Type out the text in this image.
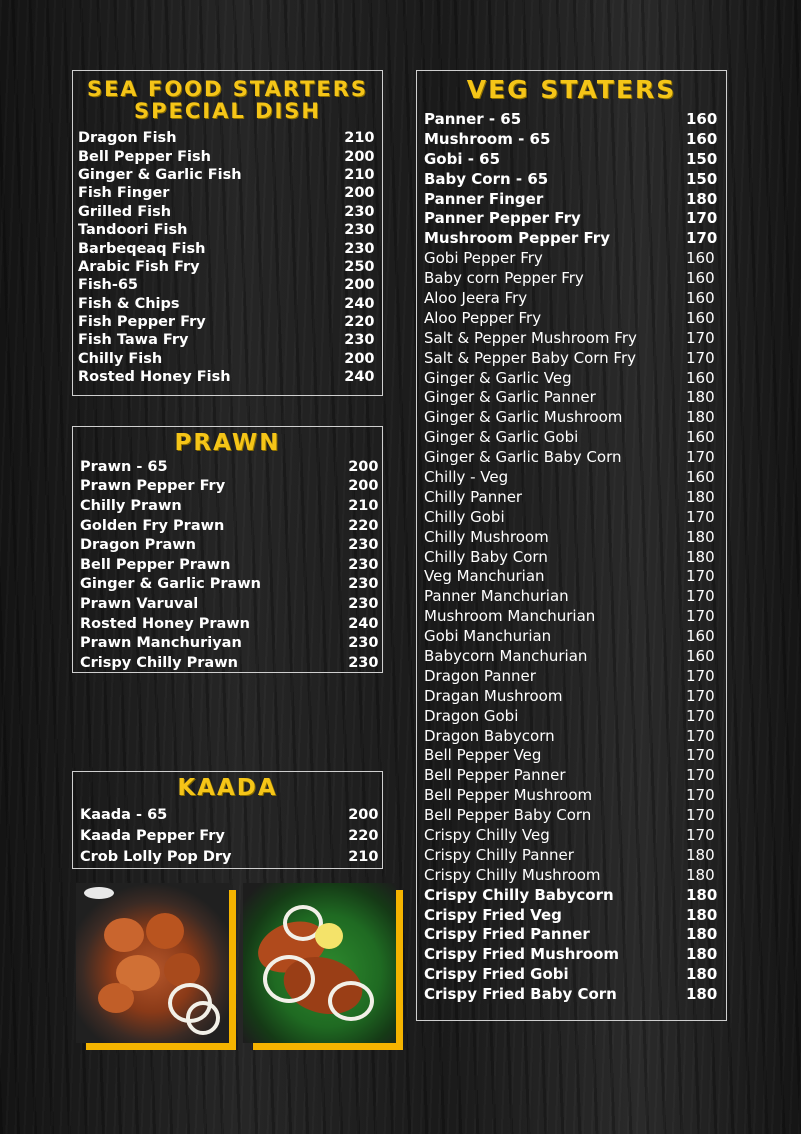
SEA FOOD STARTERS
SPECIAL DISH
Dragon Fish	210
Bell Pepper Fish	200
Ginger & Garlic Fish	210
Fish Finger	200
Grilled Fish	230
Tandoori Fish	230
Barbeqeaq Fish	230
Arabic Fish Fry	250
Fish-65	200
Fish & Chips	240
Fish Pepper Fry	220
Fish Tawa Fry	230
Chilly Fish	200
Rosted Honey Fish	240
PRAWN
Prawn - 65	200
Prawn Pepper Fry	200
Chilly Prawn	210
Golden Fry Prawn	220
Dragon Prawn	230
Bell Pepper Prawn	230
Ginger & Garlic Prawn	230
Prawn Varuval	230
Rosted Honey Prawn	240
Prawn Manchuriyan	230
Crispy Chilly Prawn	230
KAADA
Kaada - 65	200
Kaada Pepper Fry	220
Crob Lolly Pop Dry	210
VEG STATERS
Panner - 65	160
Mushroom - 65	160
Gobi - 65	150
Baby Corn - 65	150
Panner Finger	180
Panner Pepper Fry	170
Mushroom Pepper Fry	170
Gobi Pepper Fry	160
Baby corn Pepper Fry	160
Aloo Jeera Fry	160
Aloo Pepper Fry	160
Salt & Pepper Mushroom Fry	170
Salt & Pepper Baby Corn Fry	170
Ginger & Garlic Veg	160
Ginger & Garlic Panner	180
Ginger & Garlic Mushroom	180
Ginger & Garlic Gobi	160
Ginger & Garlic Baby Corn	170
Chilly - Veg	160
Chilly Panner	180
Chilly Gobi	170
Chilly Mushroom	180
Chilly Baby Corn	180
Veg Manchurian	170
Panner Manchurian	170
Mushroom Manchurian	170
Gobi Manchurian	160
Babycorn Manchurian	160
Dragon Panner	170
Dragan Mushroom	170
Dragon Gobi	170
Dragon Babycorn	170
Bell Pepper Veg	170
Bell Pepper Panner	170
Bell Pepper Mushroom	170
Bell Pepper Baby Corn	170
Crispy Chilly Veg	170
Crispy Chilly Panner	180
Crispy Chilly Mushroom	180
Crispy Chilly Babycorn	180
Crispy Fried Veg	180
Crispy Fried Panner	180
Crispy Fried Mushroom	180
Crispy Fried Gobi	180
Crispy Fried Baby Corn	180
